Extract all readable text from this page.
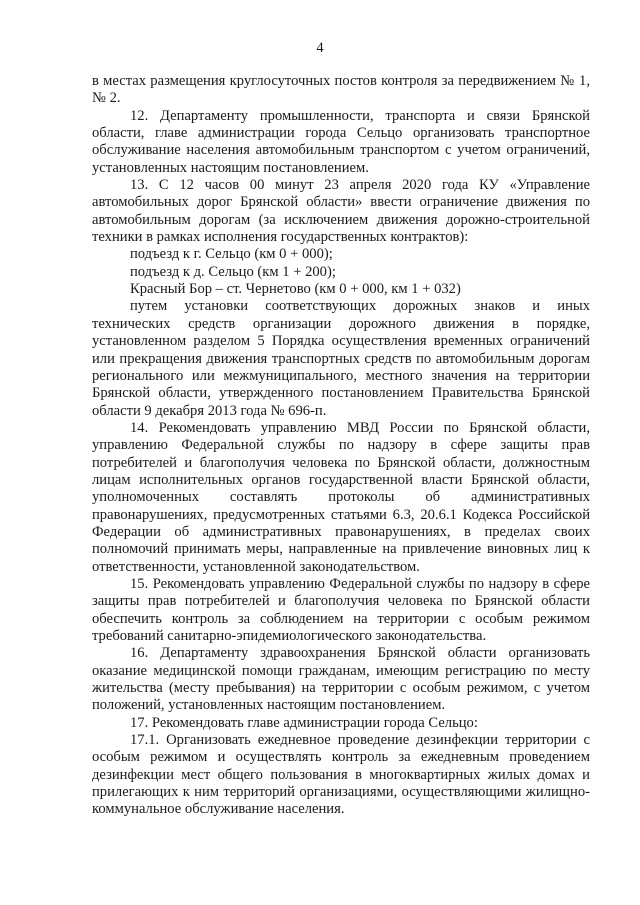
4

в местах размещения круглосуточных постов контроля за передвижением № 1, № 2.

12. Департаменту промышленности, транспорта и связи Брянской области, главе администрации города Сельцо организовать транспортное обслуживание населения автомобильным транспортом с учетом ограничений, установленных настоящим постановлением.

13. С 12 часов 00 минут 23 апреля 2020 года КУ «Управление автомобильных дорог Брянской области» ввести ограничение движения по автомобильным дорогам (за исключением движения дорожно-строительной техники в рамках исполнения государственных контрактов):

подъезд к г. Сельцо (км 0 + 000);

подъезд к д. Сельцо (км 1 + 200);

Красный Бор – ст. Чернетово (км 0 + 000, км 1 + 032)

путем установки соответствующих дорожных знаков и иных технических средств организации дорожного движения в порядке, установленном разделом 5 Порядка осуществления временных ограничений или прекращения движения транспортных средств по автомобильным дорогам регионального или межмуниципального, местного значения на территории Брянской области, утвержденного постановлением Правительства Брянской области 9 декабря 2013 года № 696-п.

14. Рекомендовать управлению МВД России по Брянской области, управлению Федеральной службы по надзору в сфере защиты прав потребителей и благополучия человека по Брянской области, должностным лицам исполнительных органов государственной власти Брянской области, уполномоченных составлять протоколы об административных правонарушениях, предусмотренных статьями 6.3, 20.6.1 Кодекса Российской Федерации об административных правонарушениях, в пределах своих полномочий принимать меры, направленные на привлечение виновных лиц к ответственности, установленной законодательством.

15. Рекомендовать управлению Федеральной службы по надзору в сфере защиты прав потребителей и благополучия человека по Брянской области обеспечить контроль за соблюдением на территории с особым режимом требований санитарно-эпидемиологического законодательства.

16. Департаменту здравоохранения Брянской области организовать оказание медицинской помощи гражданам, имеющим регистрацию по месту жительства (месту пребывания) на территории с особым режимом, с учетом положений, установленных настоящим постановлением.

17. Рекомендовать главе администрации города Сельцо:

17.1. Организовать ежедневное проведение дезинфекции территории с особым режимом и осуществлять контроль за ежедневным проведением дезинфекции мест общего пользования в многоквартирных жилых домах и прилегающих к ним территорий организациями, осуществляющими жилищно-коммунальное обслуживание населения.
